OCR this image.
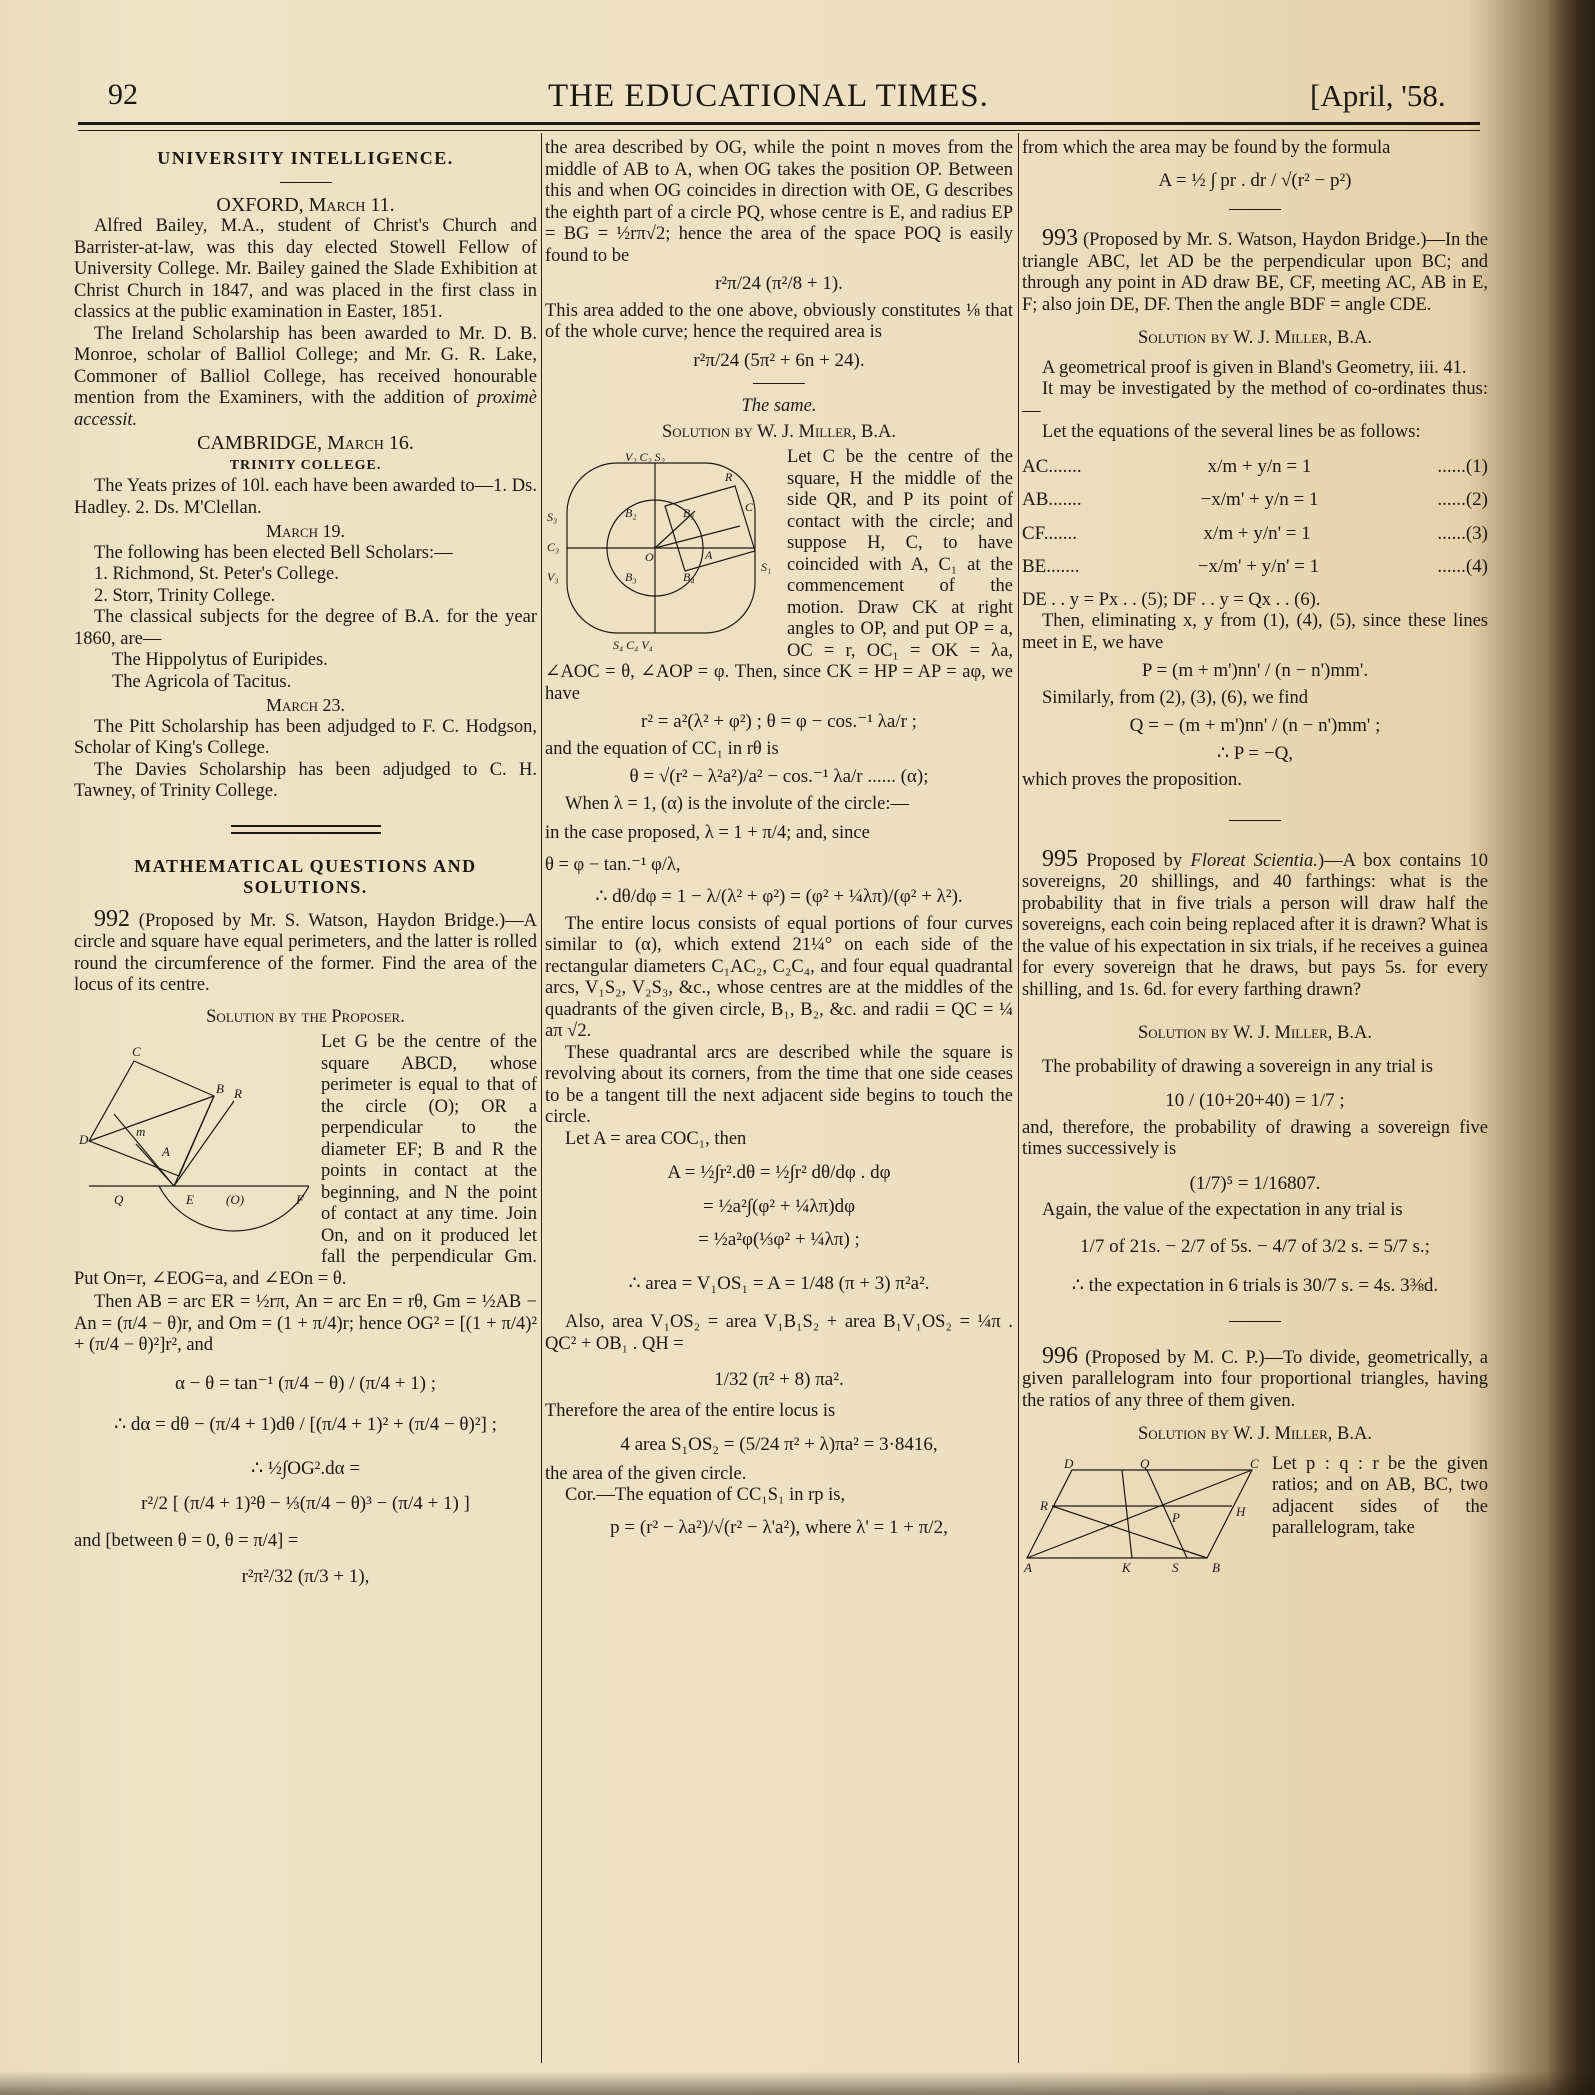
92	THE EDUCATIONAL TIMES.	[April, '58.

UNIVERSITY INTELLIGENCE.

OXFORD, March 11.

Alfred Bailey, M.A., student of Christ's Church and Barrister-at-law, was this day elected Stowell Fellow of University College. Mr. Bailey gained the Slade Exhibition at Christ Church in 1847, and was placed in the first class in classics at the public examination in Easter, 1851.

The Ireland Scholarship has been awarded to Mr. D. B. Monroe, scholar of Balliol College; and Mr. G. R. Lake, Commoner of Balliol College, has received honourable mention from the Examiners, with the addition of proximè accessit.

CAMBRIDGE, March 16.

TRINITY COLLEGE.

The Yeats prizes of 10l. each have been awarded to—1. Ds. Hadley. 2. Ds. M'Clellan.

March 19.

The following has been elected Bell Scholars:—

1. Richmond, St. Peter's College.

2. Storr, Trinity College.

The classical subjects for the degree of B.A. for the year 1860, are—

The Hippolytus of Euripides.

The Agricola of Tacitus.

March 23.

The Pitt Scholarship has been adjudged to F. C. Hodgson, Scholar of King's College.

The Davies Scholarship has been adjudged to C. H. Tawney, of Trinity College.

MATHEMATICAL QUESTIONS AND SOLUTIONS.

992 (Proposed by Mr. S. Watson, Haydon Bridge.)—A circle and square have equal perimeters, and the latter is rolled round the circumference of the former. Find the area of the locus of its centre.

Solution by the Proposer.

C
B R
D
Q	E (O)	F
m
A

Let G be the centre of the square ABCD, whose perimeter is equal to that of the circle (O); OR a perpendicular to the diameter EF; B and R the points in contact at the beginning, and N the point of contact at any time. Join On, and on it produced let fall the perpendicular Gm. Put On=r, ∠EOG=a, and ∠EOn = θ.

Then AB = arc ER = ½rπ, An = arc En = rθ, Gm = ½AB − An = (π/4 − θ)r, and Om = (1 + π/4)r; hence OG² = [(1 + π/4)² + (π/4 − θ)²]r², and

α − θ = tan⁻¹ (π/4 − θ) / (π/4 + 1) ;

∴ dα = dθ − (π/4 + 1)dθ / [(π/4 + 1)² + (π/4 − θ)²] ;

∴ ½∫OG².dα =

r²/2 [ (π/4 + 1)²θ − ⅓(π/4 − θ)³ − (π/4 + 1) ]

and [between θ = 0, θ = π/4] =

r²π²/32 (π/3 + 1),

the area described by OG, while the point n moves from the middle of AB to A, when OG takes the position OP. Between this and when OG coincides in direction with OE, G describes the eighth part of a circle PQ, whose centre is E, and radius EP = BG = ½rπ√2; hence the area of the space POQ is easily found to be

r²π/24 (π²/8 + 1).

This area added to the one above, obviously constitutes ⅛ that of the whole curve; hence the required area is

r²π/24 (5π² + 6n + 24).

The same.

Solution by W. J. Miller, B.A.

V₂ C₂ S₂
S₃
C₃
V₃
S₄ C₄ V₄
O
B₂
B₃	B₄
B₁
A
R
C
S₁

Let C be the centre of the square, H the middle of the side QR, and P its point of contact with the circle; and suppose H, C, to have coincided with A, C₁ at the commencement of the motion. Draw CK at right angles to OP, and put OP = a, OC = r, OC₁ = OK = λa, ∠AOC = θ, ∠AOP = φ. Then, since CK = HP = AP = aφ, we have

r² = a²(λ² + φ²) ; θ = φ − cos.⁻¹ λa/r ;

and the equation of CC₁ in rθ is

θ = √(r² − λ²a²)/a² − cos.⁻¹ λa/r ...... (α);

When λ = 1, (α) is the involute of the circle:—

in the case proposed, λ = 1 + π/4; and, since

θ = φ − tan.⁻¹ φ/λ,

∴ dθ/dφ = 1 − λ/(λ² + φ²) = (φ² + ¼λπ)/(φ² + λ²).

The entire locus consists of equal portions of four curves similar to (α), which extend 21¼° on each side of the rectangular diameters C₁AC₂, C₂C₄, and four equal quadrantal arcs, V₁S₂, V₂S₃, &c., whose centres are at the middles of the quadrants of the given circle, B₁, B₂, &c. and radii = QC = ¼ aπ √2.

These quadrantal arcs are described while the square is revolving about its corners, from the time that one side ceases to be a tangent till the next adjacent side begins to touch the circle.

Let A = area COC₁, then

A = ½∫r².dθ = ½∫r² dθ/dφ . dφ

= ½a²∫(φ² + ¼λπ)dφ

= ½a²φ(⅓φ² + ¼λπ) ;

∴ area = V₁OS₁ = A = 1/48 (π + 3) π²a².

Also, area V₁OS₂ = area V₁B₁S₂ + area B₁V₁OS₂ = ¼π . QC² + OB₁ . QH =

1/32 (π² + 8) πa².

Therefore the area of the entire locus is

4 area S₁OS₂ = (5/24 π² + λ)πa² = 3·8416,

the area of the given circle.

Cor.—The equation of CC₁S₁ in rp is,

p = (r² − λa²)/√(r² − λ'a²), where λ' = 1 + π/2,

from which the area may be found by the formula

A = ½ ∫ pr . dr / √(r² − p²)

993 (Proposed by Mr. S. Watson, Haydon Bridge.)—In the triangle ABC, let AD be the perpendicular upon BC; and through any point in AD draw BE, CF, meeting AC, AB in E, F; also join DE, DF. Then the angle BDF = angle CDE.

Solution by W. J. Miller, B.A.

A geometrical proof is given in Bland's Geometry, iii. 41.

It may be investigated by the method of co-ordinates thus:—

Let the equations of the several lines be as follows:

AC.......	x/m + y/n = 1	......(1)
AB.......	−x/m' + y/n = 1	......(2)
CF.......	x/m + y/n' = 1	......(3)
BE.......	−x/m' + y/n' = 1	......(4)

DE . . y = Px . . (5); DF . . y = Qx . . (6).

Then, eliminating x, y from (1), (4), (5), since these lines meet in E, we have

P = (m + m')nn' / (n − n')mm'.

Similarly, from (2), (3), (6), we find

Q = − (m + m')nn' / (n − n')mm' ;

∴ P = −Q,

which proves the proposition.

995 Proposed by Floreat Scientia.)—A box contains 10 sovereigns, 20 shillings, and 40 farthings: what is the probability that in five trials a person will draw half the sovereigns, each coin being replaced after it is drawn? What is the value of his expectation in six trials, if he receives a guinea for every sovereign that he draws, but pays 5s. for every shilling, and 1s. 6d. for every farthing drawn?

Solution by W. J. Miller, B.A.

The probability of drawing a sovereign in any trial is

10 / (10+20+40) = 1/7 ;

and, therefore, the probability of drawing a sovereign five times successively is

(1/7)⁵ = 1/16807.

Again, the value of the expectation in any trial is

1/7 of 21s. − 2/7 of 5s. − 4/7 of 3/2 s. = 5/7 s.;

∴ the expectation in 6 trials is 30/7 s. = 4s. 3⅜d.

996 (Proposed by M. C. P.)—To divide, geometrically, a given parallelogram into four proportional triangles, having the ratios of any three of them given.

Solution by W. J. Miller, B.A.

D	Q	C
R	H
P
A	K	S	B

Let p : q : r be the given ratios; and on AB, BC, two adjacent sides of the parallelogram, take
